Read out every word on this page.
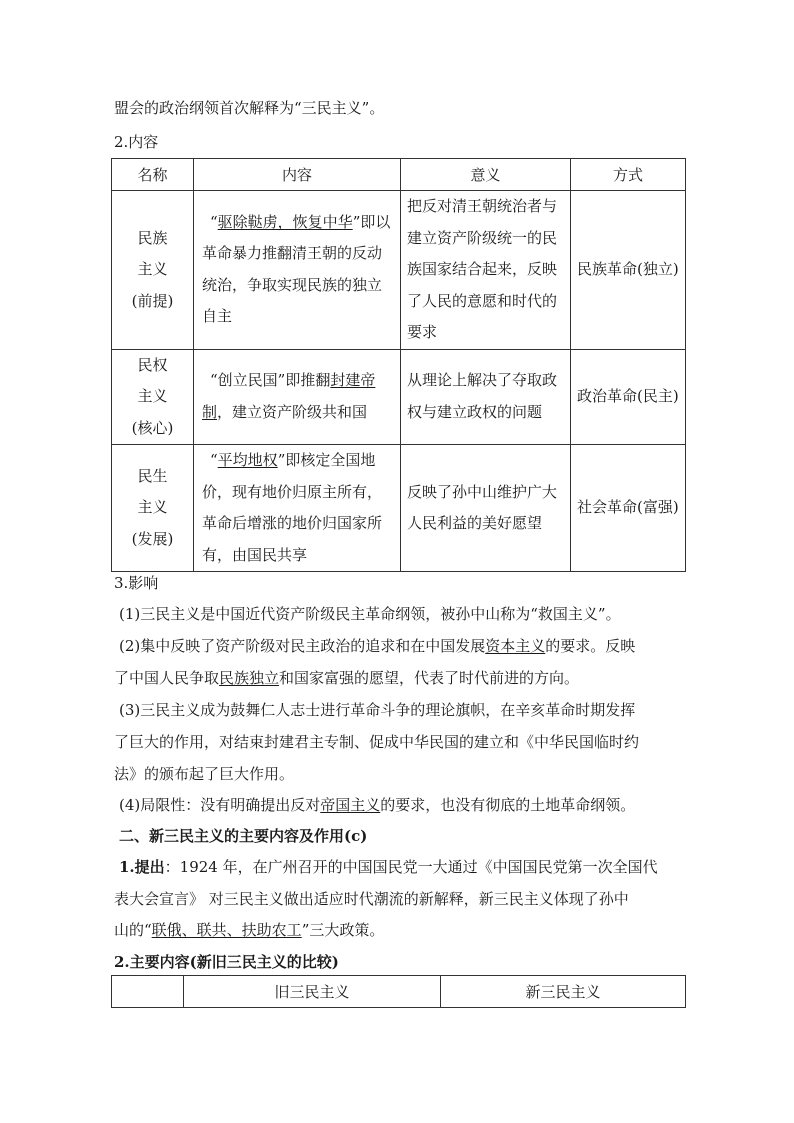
盟会的政治纲领首次解释为“三民主义”。
2.内容
名称	内容	意义	方式

民族
主义
(前提)	“驱除鞑虏，恢复中华”即以革命暴力推翻清王朝的反动统治，争取实现民族的独立自主	把反对清王朝统治者与建立资产阶级统一的民族国家结合起来，反映了人民的意愿和时代的要求	民族革命(独立)

民权
主义
(核心)	“创立民国”即推翻封建帝制，建立资产阶级共和国	从理论上解决了夺取政权与建立政权的问题	政治革命(民主)

民生
主义
(发展)	“平均地权”即核定全国地价，现有地价归原主所有，革命后增涨的地价归国家所有，由国民共享	反映了孙中山维护广大人民利益的美好愿望	社会革命(富强)
3.影响
(1)三民主义是中国近代资产阶级民主革命纲领，被孙中山称为“救国主义”。
(2)集中反映了资产阶级对民主政治的追求和在中国发展资本主义的要求。反映
了中国人民争取民族独立和国家富强的愿望，代表了时代前进的方向。
(3)三民主义成为鼓舞仁人志士进行革命斗争的理论旗帜，在辛亥革命时期发挥
了巨大的作用，对结束封建君主专制、促成中华民国的建立和《中华民国临时约
法》的颁布起了巨大作用。
(4)局限性：没有明确提出反对帝国主义的要求，也没有彻底的土地革命纲领。
二、新三民主义的主要内容及作用(c)
1.提出：1924 年，在广州召开的中国国民党一大通过《中国国民党第一次全国代
表大会宣言》 对三民主义做出适应时代潮流的新解释，新三民主义体现了孙中
山的“联俄、联共、扶助农工”三大政策。
2.主要内容(新旧三民主义的比较)
	旧三民主义	新三民主义
